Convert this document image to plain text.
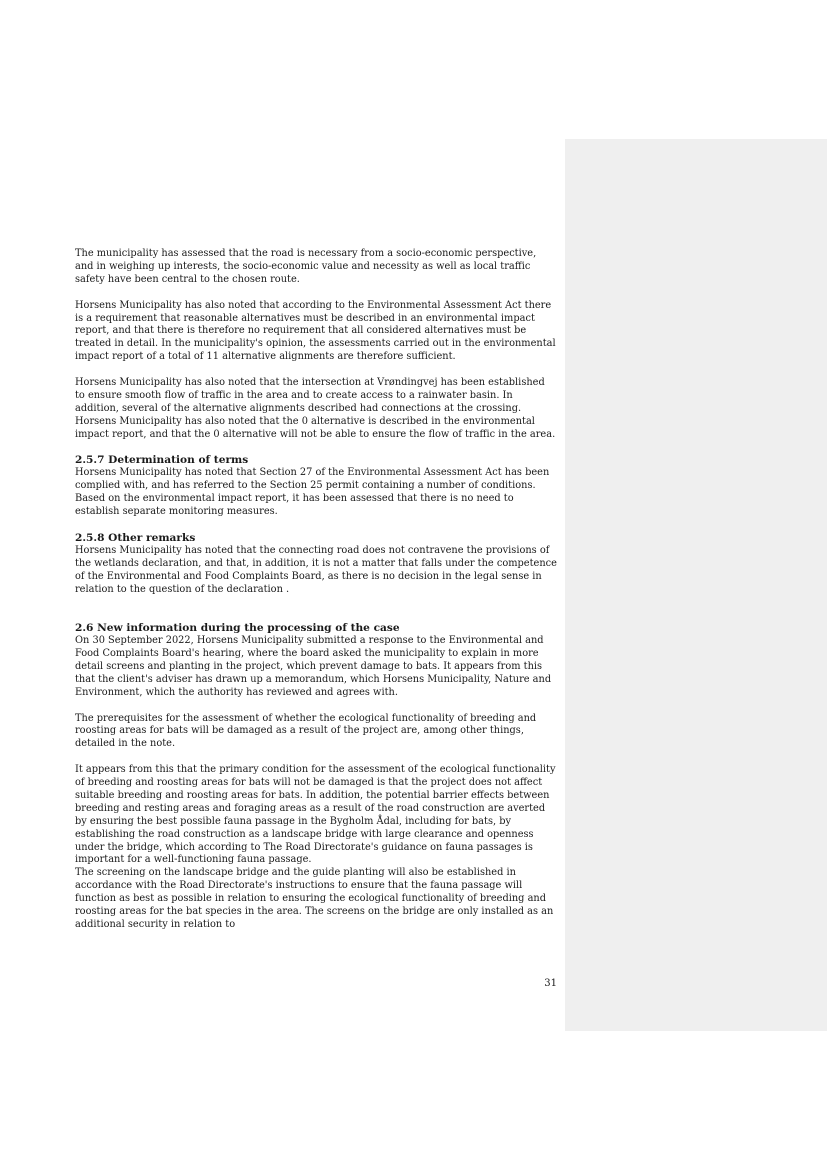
The municipality has assessed that the road is necessary from a socio-economic perspective, and in weighing up interests, the socio-economic value and necessity as well as local traffic safety have been central to the chosen route.

Horsens Municipality has also noted that according to the Environmental Assessment Act there is a requirement that reasonable alternatives must be described in an environmental impact report, and that there is therefore no requirement that all considered alternatives must be treated in detail. In the municipality's opinion, the assessments carried out in the environmental impact report of a total of 11 alternative alignments are therefore sufficient.

Horsens Municipality has also noted that the intersection at Vrøndingvej has been established to ensure smooth flow of traffic in the area and to create access to a rainwater basin. In addition, several of the alternative alignments described had connections at the crossing.

Horsens Municipality has also noted that the 0 alternative is described in the environmental impact report, and that the 0 alternative will not be able to ensure the flow of traffic in the area.

2.5.7 Determination of terms

Horsens Municipality has noted that Section 27 of the Environmental Assessment Act has been complied with, and has referred to the Section 25 permit containing a number of conditions. Based on the environmental impact report, it has been assessed that there is no need to establish separate monitoring measures.

2.5.8 Other remarks

Horsens Municipality has noted that the connecting road does not contravene the provisions of the wetlands declaration, and that, in addition, it is not a matter that falls under the competence of the Environmental and Food Complaints Board, as there is no decision in the legal sense in relation to the question of the declaration .

2.6 New information during the processing of the case

On 30 September 2022, Horsens Municipality submitted a response to the Environmental and Food Complaints Board's hearing, where the board asked the municipality to explain in more detail screens and planting in the project, which prevent damage to bats. It appears from this that the client's adviser has drawn up a memorandum, which Horsens Municipality, Nature and Environment, which the authority has reviewed and agrees with.

The prerequisites for the assessment of whether the ecological functionality of breeding and roosting areas for bats will be damaged as a result of the project are, among other things, detailed in the note.

It appears from this that the primary condition for the assessment of the ecological functionality of breeding and roosting areas for bats will not be damaged is that the project does not affect suitable breeding and roosting areas for bats. In addition, the potential barrier effects between breeding and resting areas and foraging areas as a result of the road construction are averted by ensuring the best possible fauna passage in the Bygholm Ådal, including for bats, by establishing the road construction as a landscape bridge with large clearance and openness under the bridge, which according to The Road Directorate's guidance on fauna passages is important for a well-functioning fauna passage.

The screening on the landscape bridge and the guide planting will also be established in accordance with the Road Directorate's instructions to ensure that the fauna passage will function as best as possible in relation to ensuring the ecological functionality of breeding and roosting areas for the bat species in the area. The screens on the bridge are only installed as an additional security in relation to

31
